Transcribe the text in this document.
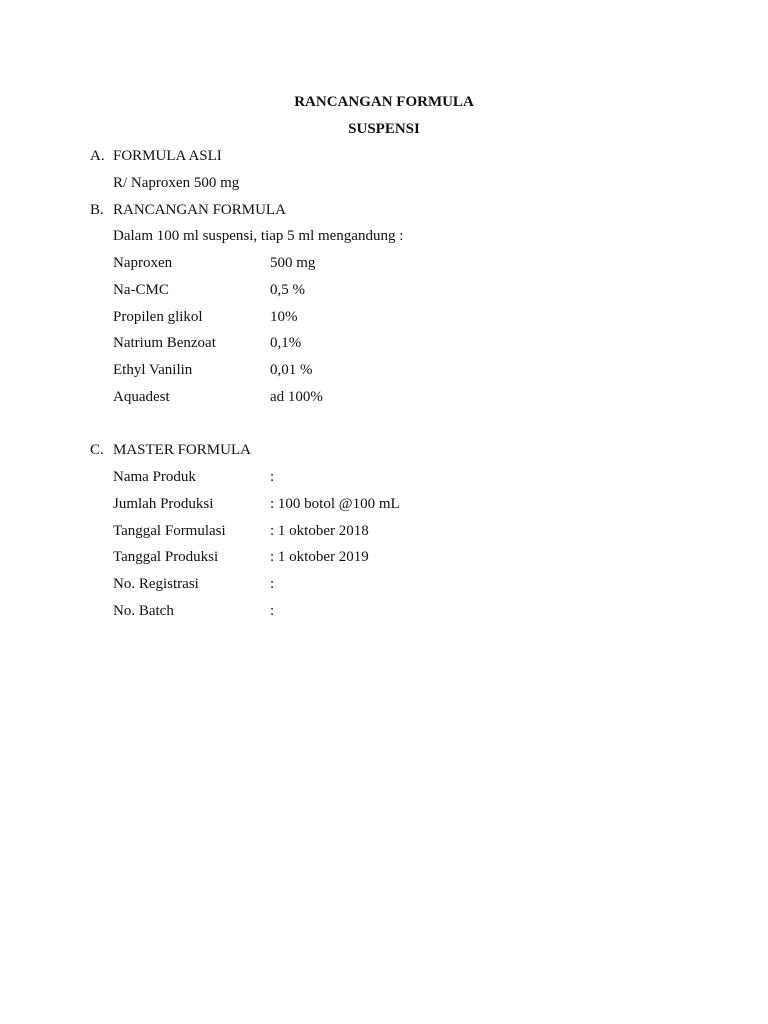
RANCANGAN FORMULA
SUSPENSI
A. FORMULA ASLI
R/ Naproxen 500 mg
B. RANCANGAN FORMULA
Dalam 100 ml suspensi, tiap 5 ml mengandung :
Naproxen	500 mg
Na-CMC	0,5 %
Propilen glikol	10%
Natrium Benzoat	0,1%
Ethyl Vanilin	0,01 %
Aquadest	ad 100%
C. MASTER FORMULA
Nama Produk	:
Jumlah Produksi	: 100 botol @100 mL
Tanggal Formulasi	: 1 oktober 2018
Tanggal Produksi	: 1 oktober 2019
No. Registrasi	:
No. Batch	:
